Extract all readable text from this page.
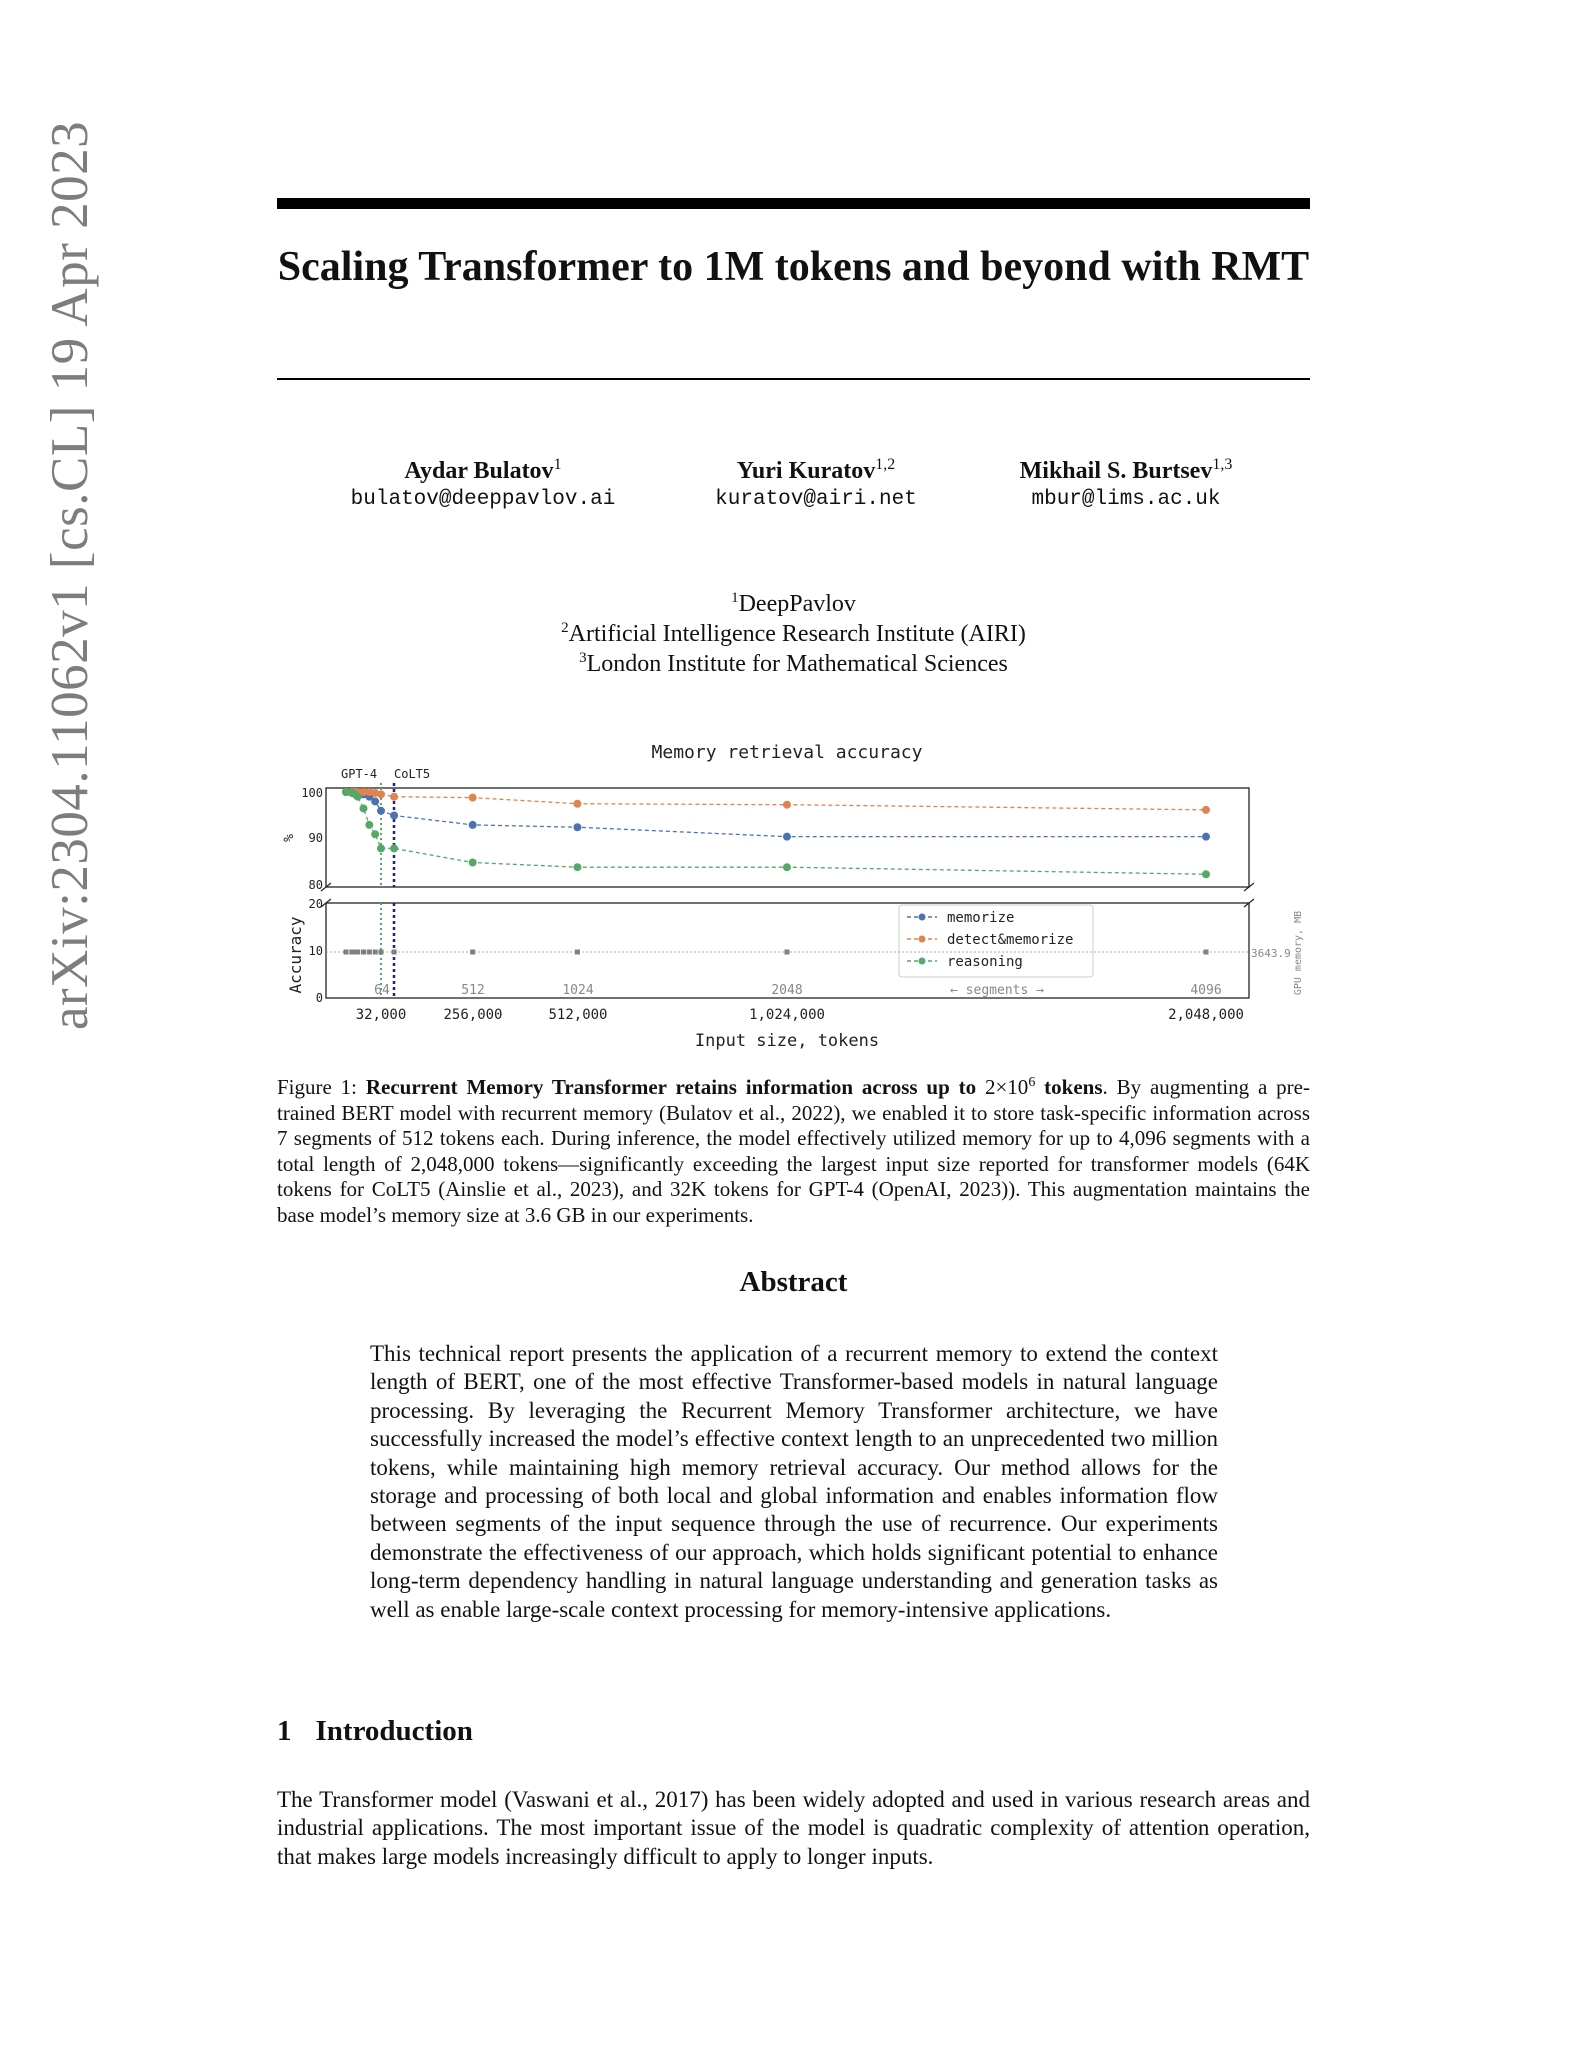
arXiv:2304.11062v1 [cs.CL] 19 Apr 2023	Scaling Transformer to 1M tokens and beyond with RMT
Aydar Bulatov$^1$
bulatov@deeppavlov.ai
Yuri Kuratov$^{1,2}$
kuratov@airi.net
Mikhail S. Burtsev$^{1,3}$
mbur@lims.ac.uk
$^1$DeepPavlov
$^2$Artificial Intelligence Research Institute (AIRI)
$^3$London Institute for Mathematical Sciences
Memory retrieval accuracy
GPT-4 CoLT5
100
90
80
20
10
0
%
Accuracy	GPU memory, MB
3643.9
64	512	1024	2048	← segments →	4096
32,000	256,000	512,000	1,024,000	2,048,000
Input size, tokens
memorize
detect&memorize
reasoning
Figure 1: Recurrent Memory Transformer retains information across up to $2\times 10^6$ tokens. By augmenting a pre-trained BERT model with recurrent memory (Bulatov et al., 2022), we enabled it to store task-specific information across 7 segments of 512 tokens each. During inference, the model effectively utilized memory for up to 4,096 segments with a total length of 2,048,000 tokens—significantly exceeding the largest input size reported for transformer models (64K tokens for CoLT5 (Ainslie et al., 2023), and 32K tokens for GPT-4 (OpenAI, 2023)). This augmentation maintains the base model’s memory size at 3.6 GB in our experiments.
Abstract
This technical report presents the application of a recurrent memory to extend the context length of BERT, one of the most effective Transformer-based models in natural language processing. By leveraging the Recurrent Memory Transformer architecture, we have successfully increased the model’s effective context length to an unprecedented two million tokens, while maintaining high memory retrieval accuracy. Our method allows for the storage and processing of both local and global information and enables information flow between segments of the input sequence through the use of recurrence. Our experiments demonstrate the effectiveness of our approach, which holds significant potential to enhance long-term dependency handling in natural language understanding and generation tasks as well as enable large-scale context processing for memory-intensive applications.
1 Introduction
The Transformer model (Vaswani et al., 2017) has been widely adopted and used in various research areas and industrial applications. The most important issue of the model is quadratic complexity of attention operation, that makes large models increasingly difficult to apply to longer inputs.
